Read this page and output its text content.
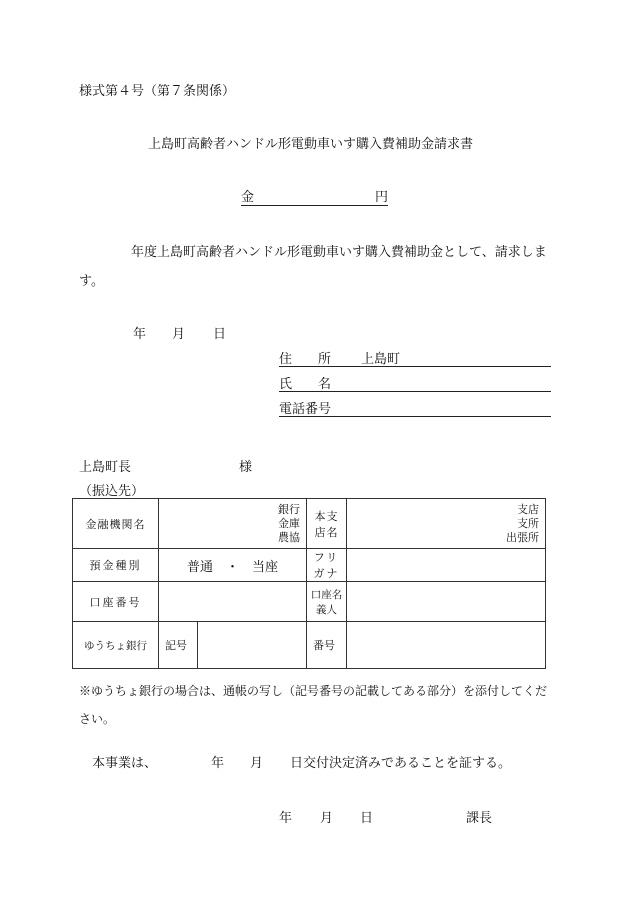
様式第４号（第７条関係）
上島町高齢者ハンドル形電動車いす購入費補助金請求書
金	円
年度上島町高齢者ハンドル形電動車いす購入費補助金として、請求します。
年 月 日
住　　所 上島町
氏　　名
電話番号
上島町長	様
（振込先）
金融機関名	銀行
金庫
農協		本支店名	支店
支所
出張所

預金種別	普通　・　当座		フリガナ	
口座番号			口座名義人	
ゆうちょ銀行	記号		番号	
※ゆうちょ銀行の場合は、通帳の写し（記号番号の記載してある部分）を添付してください。
本事業は、	年 月 日交付決定済みであることを証する。
年 月 日	課長
